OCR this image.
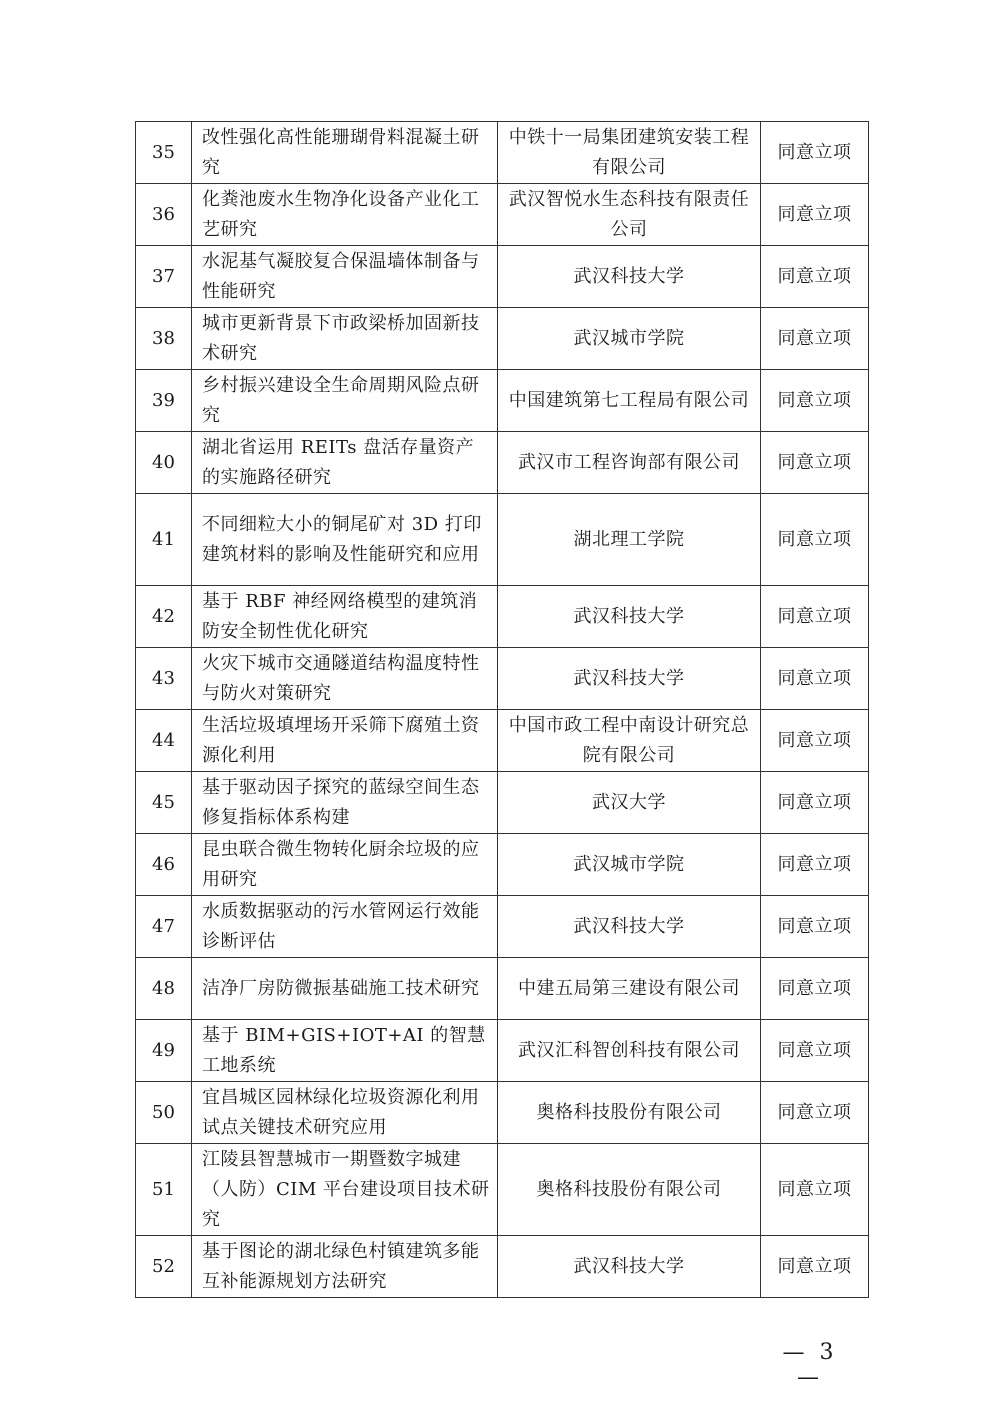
35	改性强化高性能珊瑚骨料混凝土研究	中铁十一局集团建筑安装工程有限公司	同意立项
36	化粪池废水生物净化设备产业化工艺研究	武汉智悦水生态科技有限责任公司	同意立项
37	水泥基气凝胶复合保温墙体制备与性能研究	武汉科技大学	同意立项
38	城市更新背景下市政梁桥加固新技术研究	武汉城市学院	同意立项
39	乡村振兴建设全生命周期风险点研究	中国建筑第七工程局有限公司	同意立项
40	湖北省运用 REITs 盘活存量资产的实施路径研究	武汉市工程咨询部有限公司	同意立项
41	不同细粒大小的铜尾矿对 3D 打印建筑材料的影响及性能研究和应用	湖北理工学院	同意立项
42	基于 RBF 神经网络模型的建筑消防安全韧性优化研究	武汉科技大学	同意立项
43	火灾下城市交通隧道结构温度特性与防火对策研究	武汉科技大学	同意立项
44	生活垃圾填埋场开采筛下腐殖土资源化利用	中国市政工程中南设计研究总院有限公司	同意立项
45	基于驱动因子探究的蓝绿空间生态修复指标体系构建	武汉大学	同意立项
46	昆虫联合微生物转化厨余垃圾的应用研究	武汉城市学院	同意立项
47	水质数据驱动的污水管网运行效能诊断评估	武汉科技大学	同意立项
48	洁净厂房防微振基础施工技术研究	中建五局第三建设有限公司	同意立项
49	基于 BIM+GIS+IOT+AI 的智慧工地系统	武汉汇科智创科技有限公司	同意立项
50	宜昌城区园林绿化垃圾资源化利用试点关键技术研究应用	奥格科技股份有限公司	同意立项
51	江陵县智慧城市一期暨数字城建（人防）CIM 平台建设项目技术研究	奥格科技股份有限公司	同意立项
52	基于图论的湖北绿色村镇建筑多能互补能源规划方法研究	武汉科技大学	同意立项
— 3 —
